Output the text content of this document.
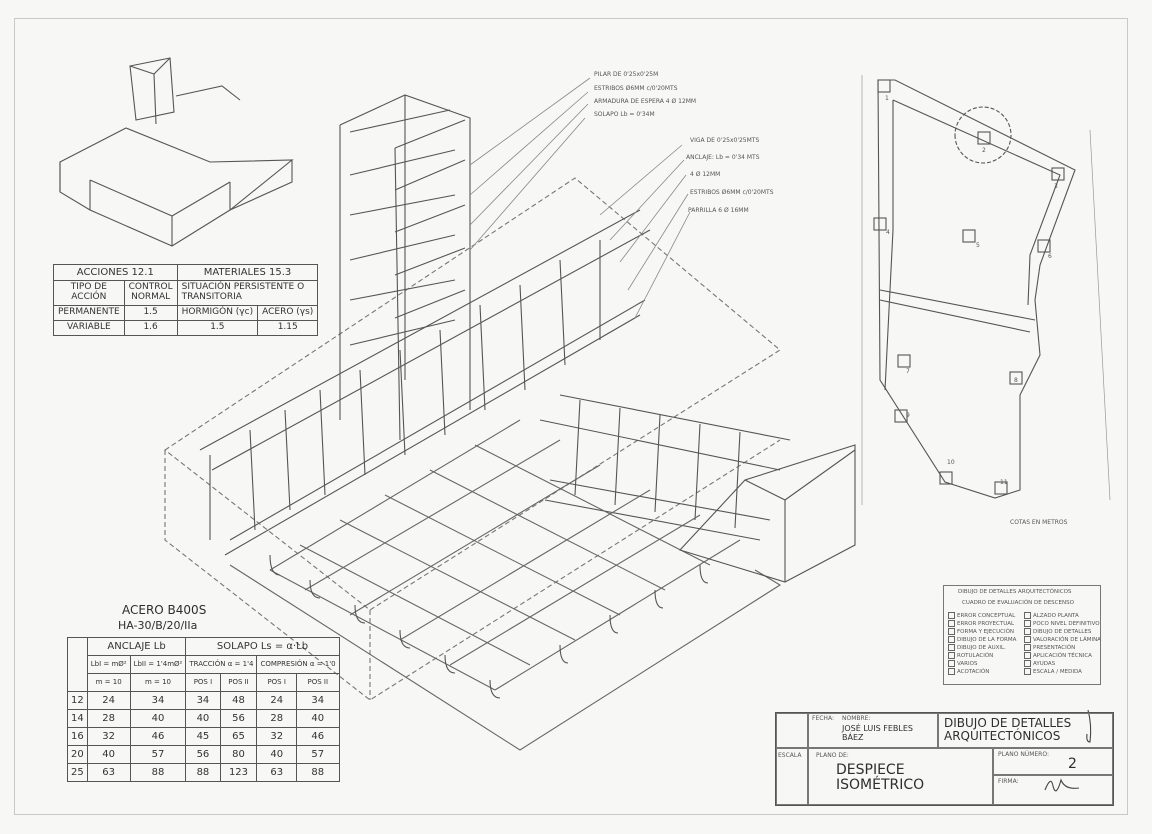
PILAR DE 0'25x0'25M
ESTRIBOS Ø6MM c/0'20MTS
ARMADURA DE ESPERA 4 Ø 12MM
SOLAPO Lb = 0'34M
VIGA DE 0'25x0'25MTS
ANCLAJE: Lb = 0'34 MTS
4 Ø 12MM
ESTRIBOS Ø6MM c/0'20MTS
PARRILLA 6 Ø 16MM
1
2
3
4
5
6
7
8
9
10
11
COTAS EN METROS
ACCIONES 12.1		MATERIALES 15.3	
TIPO DE ACCIÓN	CONTROL NORMAL	SITUACIÓN PERSISTENTE O TRANSITORIA	
PERMANENTE	1.5	HORMIGÓN (γc)	ACERO (γs)
VARIABLE	1.6	1.5	1.15
ACERO B400S
HA-30/B/20/IIa
	ANCLAJE Lb		SOLAPO Ls = α·Lb			
	LbI = mØ²	LbII = 1'4mØ²	TRACCIÓN α = 1'4		COMPRESIÓN α = 1'0	
	m = 10	m = 10	POS I	POS II	POS I	POS II
12	24	34	34	48	24	34
14	28	40	40	56	28	40
16	32	46	45	65	32	46
20	40	57	56	80	40	57
25	63	88	88	123	63	88
DIBUJO DE DETALLES ARQUITECTÓNICOS
CUADRO DE EVALUACIÓN DE DESCENSO
ERROR CONCEPTUAL
ERROR PROYECTUAL
FORMA Y EJECUCIÓN
DIBUJO DE LA FORMA
DIBUJO DE AUXIL.
ROTULACIÓN
VARIOS
ACOTACIÓN
ALZADO PLANTA
POCO NIVEL DEFINITIVO
DIBUJO DE DETALLES
VALORACIÓN DE LÁMINA
PRESENTACIÓN
APLICACIÓN TÉCNICA
AYUDAS
ESCALA / MEDIDA
FECHA: NOMBRE:
JOSÉ LUIS FEBLES BÁEZ
DIBUJO DE DETALLES ARQUITECTÓNICOS
ESCALA PLANO DE:
DESPIECE ISOMÉTRICO
PLANO NÚMERO:
2
FIRMA:
